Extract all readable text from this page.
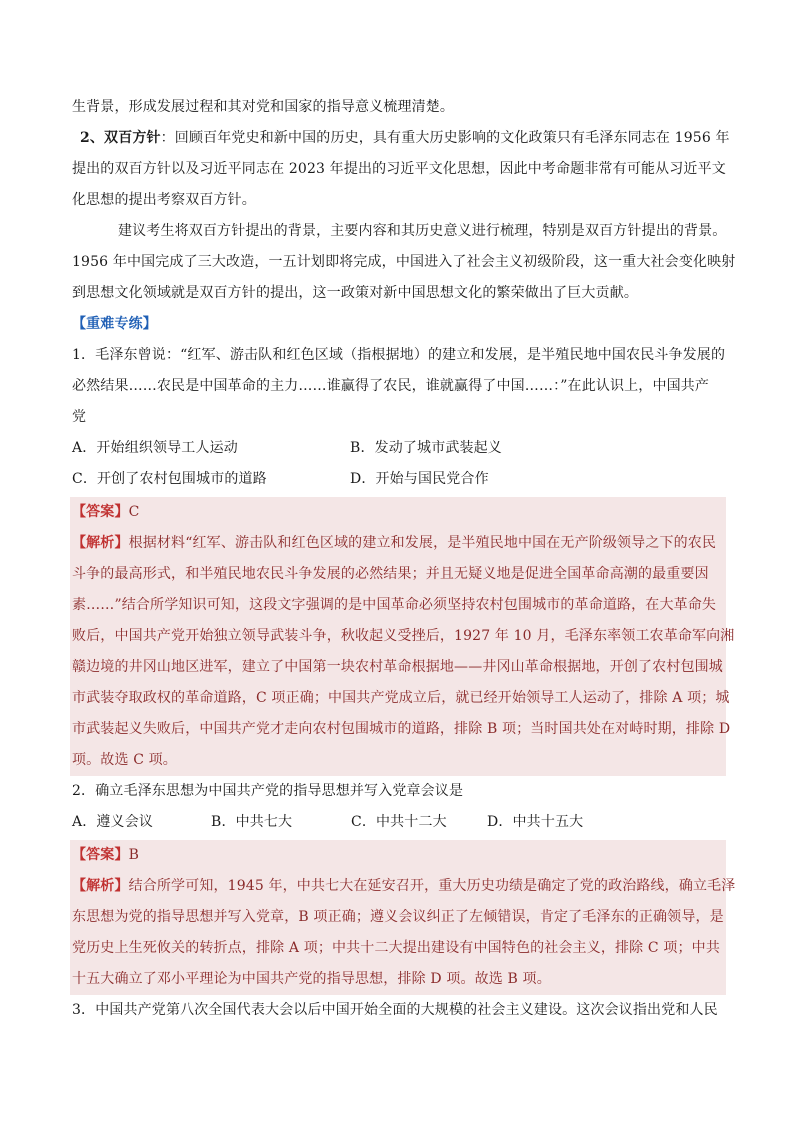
生背景，形成发展过程和其对党和国家的指导意义梳理清楚。
2、双百方针：回顾百年党史和新中国的历史，具有重大历史影响的文化政策只有毛泽东同志在 1956 年
提出的双百方针以及习近平同志在 2023 年提出的习近平文化思想，因此中考命题非常有可能从习近平文
化思想的提出考察双百方针。
建议考生将双百方针提出的背景，主要内容和其历史意义进行梳理，特别是双百方针提出的背景。
1956 年中国完成了三大改造，一五计划即将完成，中国进入了社会主义初级阶段，这一重大社会变化映射
到思想文化领域就是双百方针的提出，这一政策对新中国思想文化的繁荣做出了巨大贡献。
【重难专练】
1．毛泽东曾说：“红军、游击队和红色区域（指根据地）的建立和发展，是半殖民地中国农民斗争发展的
必然结果……农民是中国革命的主力……谁赢得了农民，谁就赢得了中国……：”在此认识上，中国共产
党
A．开始组织领导工人运动	B．发动了城市武装起义
C．开创了农村包围城市的道路	D．开始与国民党合作
【答案】C
【解析】根据材料“红军、游击队和红色区域的建立和发展，是半殖民地中国在无产阶级领导之下的农民
斗争的最高形式，和半殖民地农民斗争发展的必然结果；并且无疑义地是促进全国革命高潮的最重要因
素……”结合所学知识可知，这段文字强调的是中国革命必须坚持农村包围城市的革命道路，在大革命失
败后，中国共产党开始独立领导武装斗争，秋收起义受挫后，1927 年 10 月，毛泽东率领工农革命军向湘
赣边境的井冈山地区进军，建立了中国第一块农村革命根据地——井冈山革命根据地，开创了农村包围城
市武装夺取政权的革命道路，C 项正确；中国共产党成立后，就已经开始领导工人运动了，排除 A 项；城
市武装起义失败后，中国共产党才走向农村包围城市的道路，排除 B 项；当时国共处在对峙时期，排除 D
项。故选 C 项。
2．确立毛泽东思想为中国共产党的指导思想并写入党章会议是
A．遵义会议	B．中共七大	C．中共十二大	D．中共十五大
【答案】B
【解析】结合所学可知，1945 年，中共七大在延安召开，重大历史功绩是确定了党的政治路线，确立毛泽
东思想为党的指导思想并写入党章，B 项正确；遵义会议纠正了左倾错误，肯定了毛泽东的正确领导，是
党历史上生死攸关的转折点，排除 A 项；中共十二大提出建设有中国特色的社会主义，排除 C 项；中共
十五大确立了邓小平理论为中国共产党的指导思想，排除 D 项。故选 B 项。
3．中国共产党第八次全国代表大会以后中国开始全面的大规模的社会主义建设。这次会议指出党和人民
